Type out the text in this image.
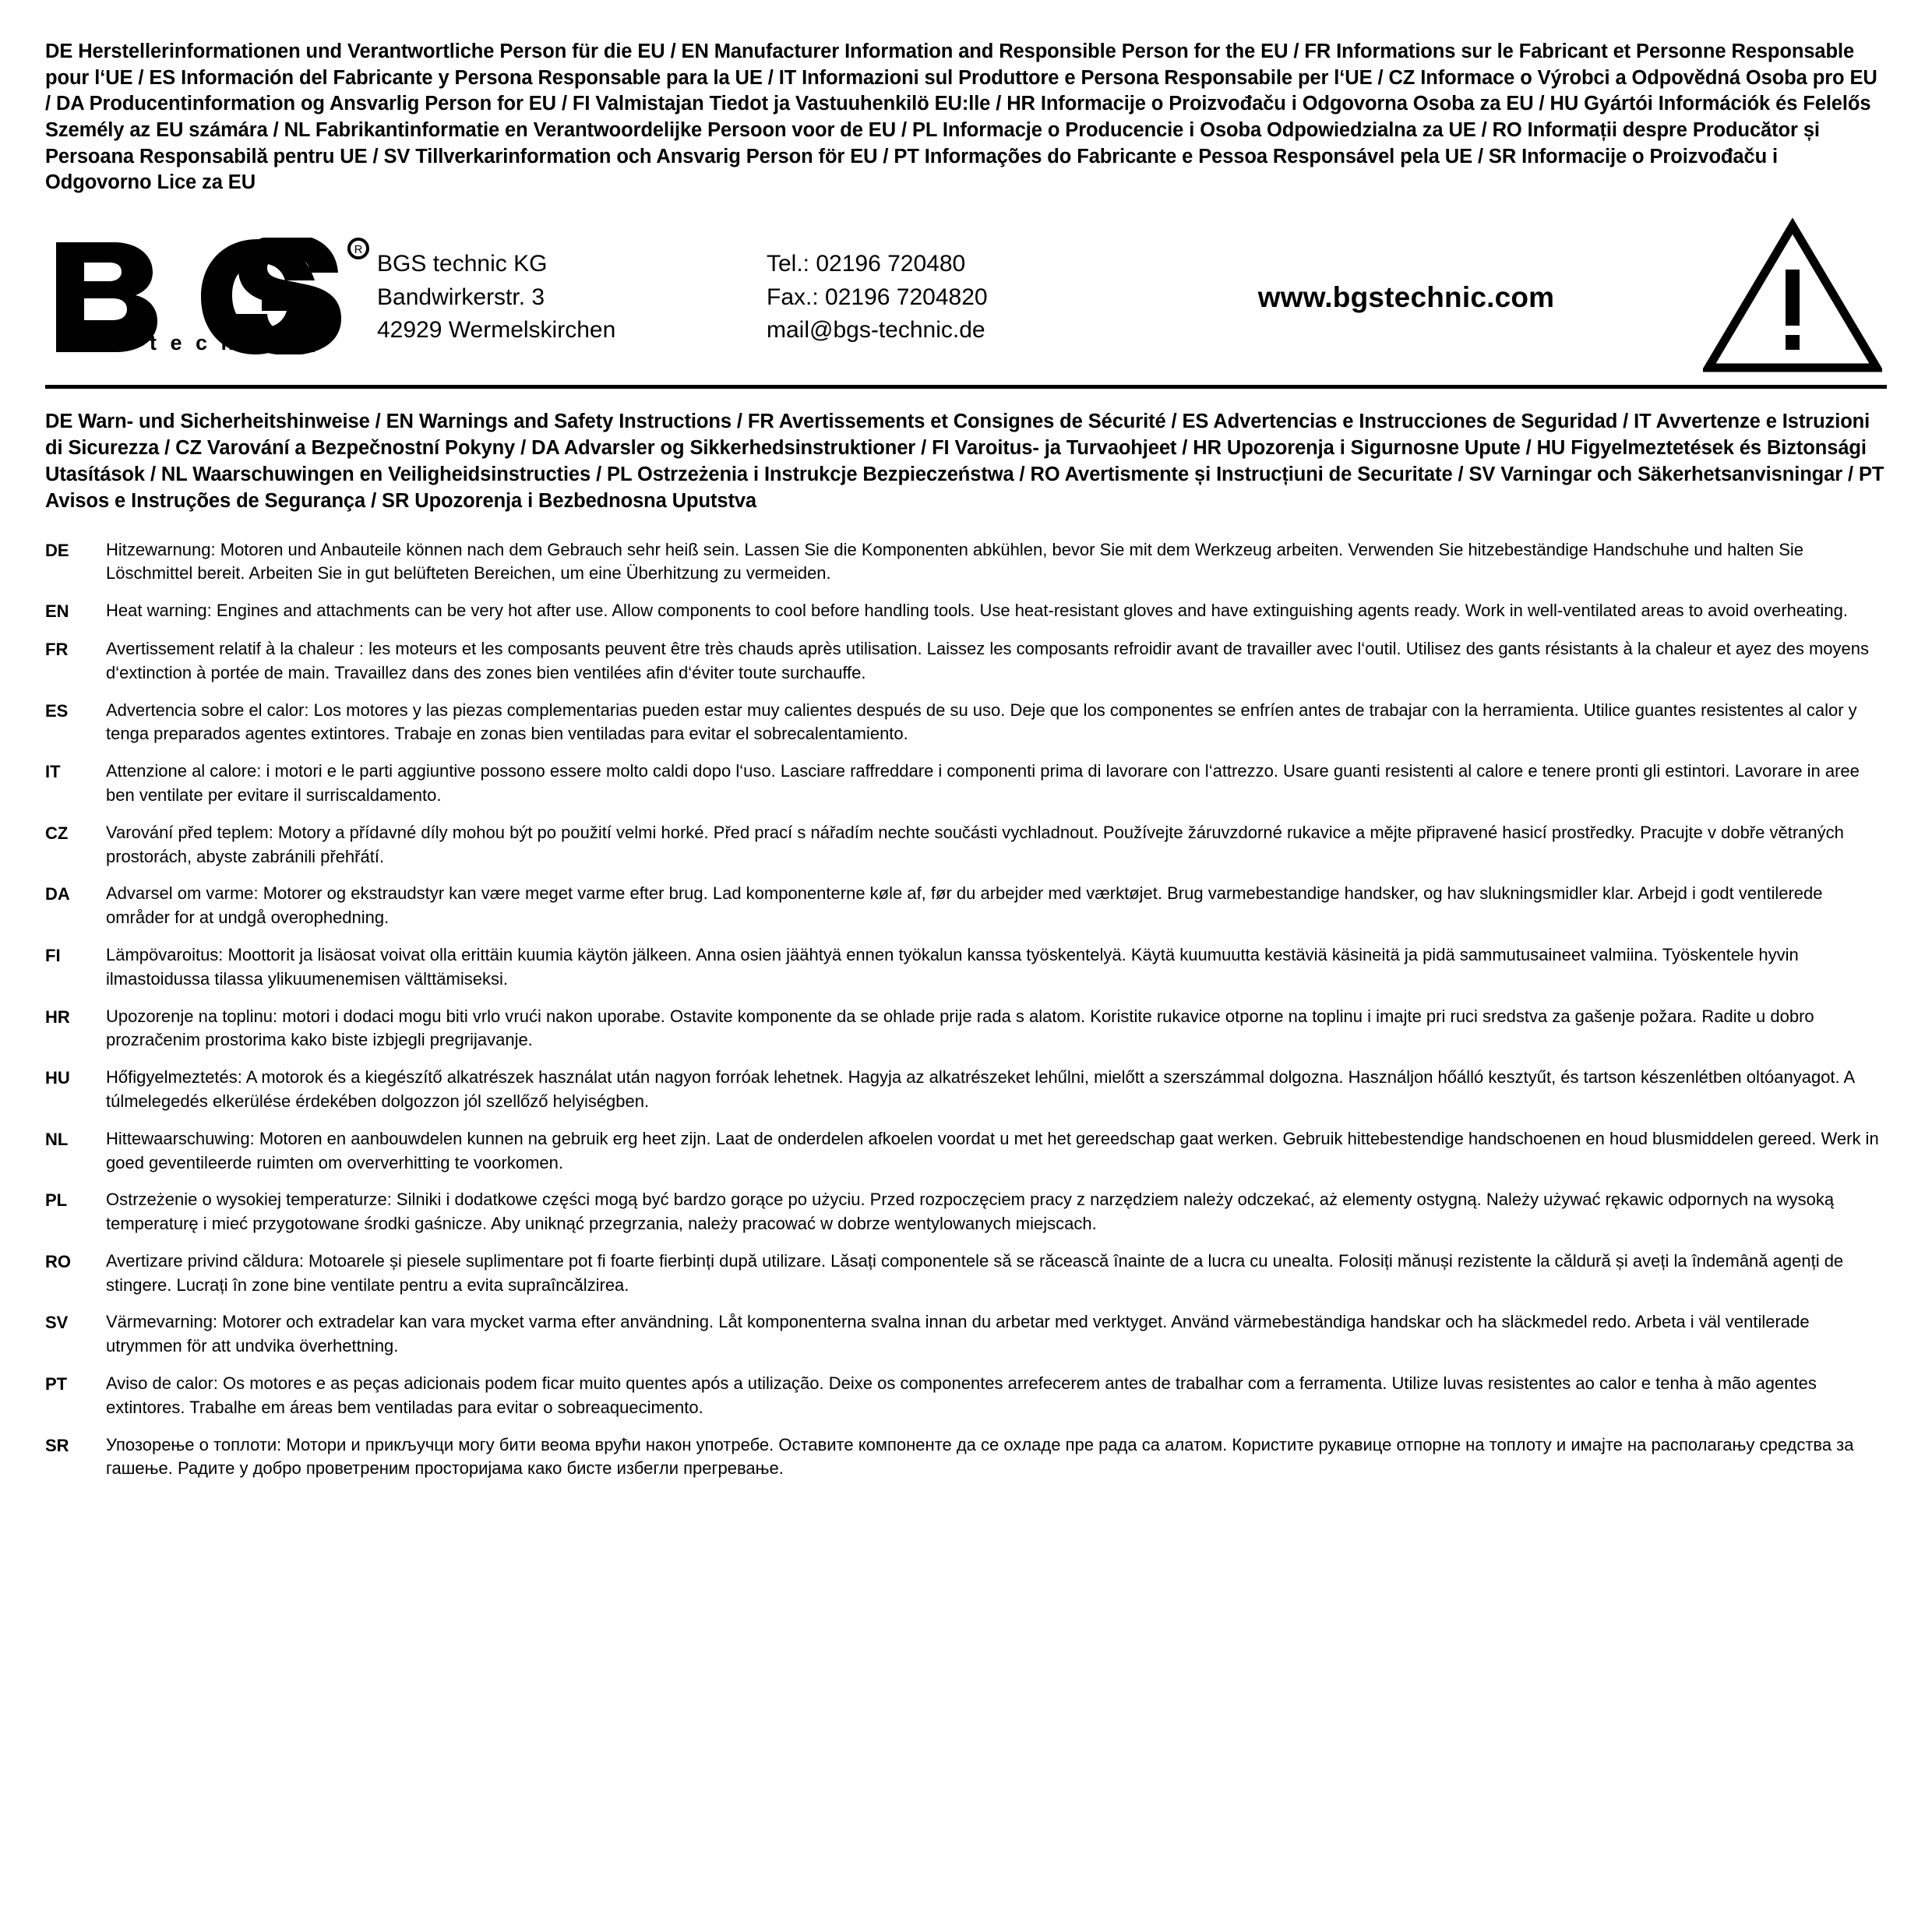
DE Herstellerinformationen und Verantwortliche Person für die EU / EN Manufacturer Information and Responsible Person for the EU / FR Informations sur le Fabricant et Personne Responsable pour l‘UE / ES Información del Fabricante y Persona Responsable para la UE / IT Informazioni sul Produttore e Persona Responsabile per l‘UE / CZ Informace o Výrobci a Odpovědná Osoba pro EU / DA Producentinformation og Ansvarlig Person for EU / FI Valmistajan Tiedot ja Vastuuhenkilö EU:lle / HR Informacije o Proizvođaču i Odgovorna Osoba za EU / HU Gyártói Információk és Felelős Személy az EU számára / NL Fabrikantinformatie en Verantwoordelijke Persoon voor de EU / PL Informacje o Producencie i Osoba Odpowiedzialna za UE / RO Informații despre Producător și Persoana Responsabilă pentru UE / SV Tillverkarinformation och Ansvarig Person för EU / PT Informações do Fabricante e Pessoa Responsável pela UE / SR Informacije o Proizvođaču i Odgovorno Lice za EU
R
t e c h n i c
BGS technic KG
Bandwirkerstr. 3
42929 Wermelskirchen
Tel.: 02196 720480
Fax.: 02196 7204820
mail@bgs-technic.de
www.bgstechnic.com
DE Warn- und Sicherheitshinweise / EN Warnings and Safety Instructions / FR Avertissements et Consignes de Sécurité / ES Advertencias e Instrucciones de Seguridad / IT Avvertenze e Istruzioni di Sicurezza / CZ Varování a Bezpečnostní Pokyny / DA Advarsler og Sikkerhedsinstruktioner / FI Varoitus- ja Turvaohjeet / HR Upozorenja i Sigurnosne Upute / HU Figyelmeztetések és Biztonsági Utasítások / NL Waarschuwingen en Veiligheidsinstructies / PL Ostrzeżenia i Instrukcje Bezpieczeństwa / RO Avertismente și Instrucțiuni de Securitate / SV Varningar och Säkerhetsanvisningar / PT Avisos e Instruções de Segurança / SR Upozorenja i Bezbednosna Uputstva
DE	Hitzewarnung: Motoren und Anbauteile können nach dem Gebrauch sehr heiß sein. Lassen Sie die Komponenten abkühlen, bevor Sie mit dem Werkzeug arbeiten. Verwenden Sie hitzebeständige Handschuhe und halten Sie Löschmittel bereit. Arbeiten Sie in gut belüfteten Bereichen, um eine Überhitzung zu vermeiden.
EN	Heat warning: Engines and attachments can be very hot after use. Allow components to cool before handling tools. Use heat-resistant gloves and have extinguishing agents ready. Work in well-ventilated areas to avoid overheating.
FR	Avertissement relatif à la chaleur : les moteurs et les composants peuvent être très chauds après utilisation. Laissez les composants refroidir avant de travailler avec l‘outil. Utilisez des gants résistants à la chaleur et ayez des moyens d‘extinction à portée de main. Travaillez dans des zones bien ventilées afin d‘éviter toute surchauffe.
ES	Advertencia sobre el calor: Los motores y las piezas complementarias pueden estar muy calientes después de su uso. Deje que los componentes se enfríen antes de trabajar con la herramienta. Utilice guantes resistentes al calor y tenga preparados agentes extintores. Trabaje en zonas bien ventiladas para evitar el sobrecalentamiento.
IT	Attenzione al calore: i motori e le parti aggiuntive possono essere molto caldi dopo l‘uso. Lasciare raffreddare i componenti prima di lavorare con l‘attrezzo. Usare guanti resistenti al calore e tenere pronti gli estintori. Lavorare in aree ben ventilate per evitare il surriscaldamento.
CZ	Varování před teplem: Motory a přídavné díly mohou být po použití velmi horké. Před prací s nářadím nechte součásti vychladnout. Používejte žáruvzdorné rukavice a mějte připravené hasicí prostředky. Pracujte v dobře větraných prostorách, abyste zabránili přehřátí.
DA	Advarsel om varme: Motorer og ekstraudstyr kan være meget varme efter brug. Lad komponenterne køle af, før du arbejder med værktøjet. Brug varmebestandige handsker, og hav slukningsmidler klar. Arbejd i godt ventilerede områder for at undgå overophedning.
FI	Lämpövaroitus: Moottorit ja lisäosat voivat olla erittäin kuumia käytön jälkeen. Anna osien jäähtyä ennen työkalun kanssa työskentelyä. Käytä kuumuutta kestäviä käsineitä ja pidä sammutusaineet valmiina. Työskentele hyvin ilmastoidussa tilassa ylikuumenemisen välttämiseksi.
HR	Upozorenje na toplinu: motori i dodaci mogu biti vrlo vrući nakon uporabe. Ostavite komponente da se ohlade prije rada s alatom. Koristite rukavice otporne na toplinu i imajte pri ruci sredstva za gašenje požara. Radite u dobro prozračenim prostorima kako biste izbjegli pregrijavanje.
HU	Hőfigyelmeztetés: A motorok és a kiegészítő alkatrészek használat után nagyon forróak lehetnek. Hagyja az alkatrészeket lehűlni, mielőtt a szerszámmal dolgozna. Használjon hőálló kesztyűt, és tartson készenlétben oltóanyagot. A túlmelegedés elkerülése érdekében dolgozzon jól szellőző helyiségben.
NL	Hittewaarschuwing: Motoren en aanbouwdelen kunnen na gebruik erg heet zijn. Laat de onderdelen afkoelen voordat u met het gereedschap gaat werken. Gebruik hittebestendige handschoenen en houd blusmiddelen gereed. Werk in goed geventileerde ruimten om oververhitting te voorkomen.
PL	Ostrzeżenie o wysokiej temperaturze: Silniki i dodatkowe części mogą być bardzo gorące po użyciu. Przed rozpoczęciem pracy z narzędziem należy odczekać, aż elementy ostygną. Należy używać rękawic odpornych na wysoką temperaturę i mieć przygotowane środki gaśnicze. Aby uniknąć przegrzania, należy pracować w dobrze wentylowanych miejscach.
RO	Avertizare privind căldura: Motoarele și piesele suplimentare pot fi foarte fierbinți după utilizare. Lăsați componentele să se răcească înainte de a lucra cu unealta. Folosiți mănuși rezistente la căldură și aveți la îndemână agenți de stingere. Lucrați în zone bine ventilate pentru a evita supraîncălzirea.
SV	Värmevarning: Motorer och extradelar kan vara mycket varma efter användning. Låt komponenterna svalna innan du arbetar med verktyget. Använd värmebeständiga handskar och ha släckmedel redo. Arbeta i väl ventilerade utrymmen för att undvika överhettning.
PT	Aviso de calor: Os motores e as peças adicionais podem ficar muito quentes após a utilização. Deixe os componentes arrefecerem antes de trabalhar com a ferramenta. Utilize luvas resistentes ao calor e tenha à mão agentes extintores. Trabalhe em áreas bem ventiladas para evitar o sobreaquecimento.
SR	Упозорење о топлоти: Мотори и прикључци могу бити веома врући након употребе. Оставите компоненте да се охладе пре рада са алатом. Користите рукавице отпорне на топлоту и имајте на располагању средства за гашење. Радите у добро проветреним просторијама како бисте избегли прегревање.
